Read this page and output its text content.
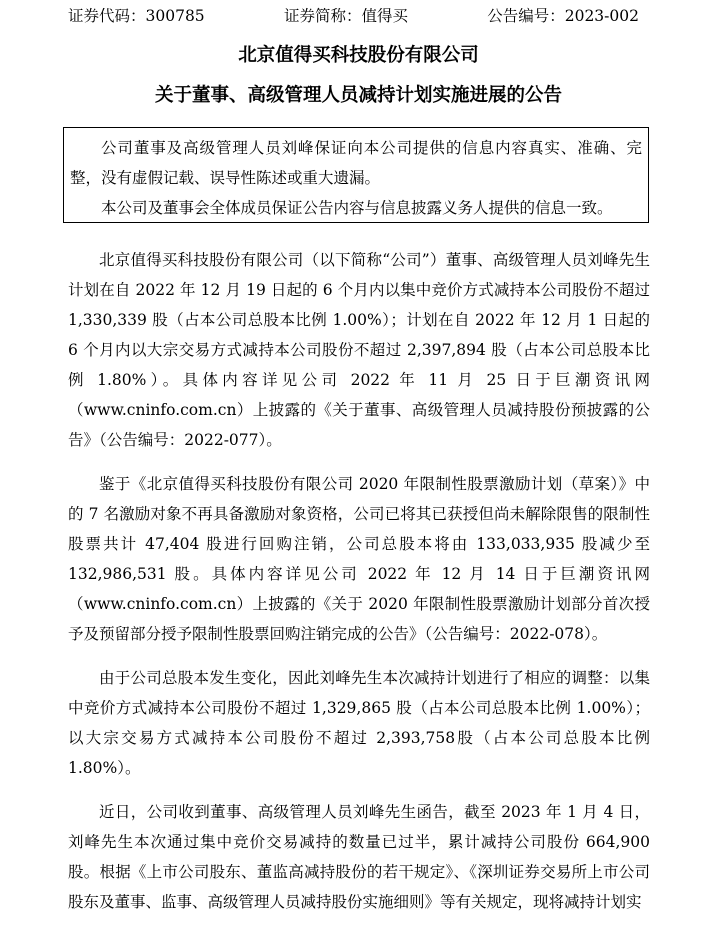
证券代码：300785	证券简称：值得买	公告编号：2023-002
北京值得买科技股份有限公司
关于董事、高级管理人员减持计划实施进展的公告

公司董事及高级管理人员刘峰保证向本公司提供的信息内容真实、准确、完整，没有虚假记载、误导性陈述或重大遗漏。

本公司及董事会全体成员保证公告内容与信息披露义务人提供的信息一致。

北京值得买科技股份有限公司（以下简称“公司”）董事、高级管理人员刘峰先生计划在自 2022 年 12 月 19 日起的 6 个月内以集中竞价方式减持本公司股份不超过 1,330,339 股（占本公司总股本比例 1.00%）；计划在自 2022 年 12 月 1 日起的 6 个月内以大宗交易方式减持本公司股份不超过 2,397,894 股（占本公司总股本比例 1.80%）。具体内容详见公司 2022 年 11 月 25 日于巨潮资讯网（www.cninfo.com.cn）上披露的《关于董事、高级管理人员减持股份预披露的公告》（公告编号：2022-077）。

鉴于《北京值得买科技股份有限公司 2020 年限制性股票激励计划（草案）》中的 7 名激励对象不再具备激励对象资格，公司已将其已获授但尚未解除限售的限制性股票共计 47,404 股进行回购注销，公司总股本将由 133,033,935 股减少至 132,986,531 股。具体内容详见公司 2022 年 12 月 14 日于巨潮资讯网（www.cninfo.com.cn）上披露的《关于 2020 年限制性股票激励计划部分首次授予及预留部分授予限制性股票回购注销完成的公告》（公告编号：2022-078）。

由于公司总股本发生变化，因此刘峰先生本次减持计划进行了相应的调整：以集中竞价方式减持本公司股份不超过 1,329,865 股（占本公司总股本比例 1.00%）；以大宗交易方式减持本公司股份不超过 2,393,758股（占本公司总股本比例 1.80%）。

近日，公司收到董事、高级管理人员刘峰先生函告，截至 2023 年 1 月 4 日，刘峰先生本次通过集中竞价交易减持的数量已过半，累计减持公司股份 664,900 股。根据《上市公司股东、董监高减持股份的若干规定》、《深圳证券交易所上市公司股东及董事、监事、高级管理人员减持股份实施细则》等有关规定，现将减持计划实
